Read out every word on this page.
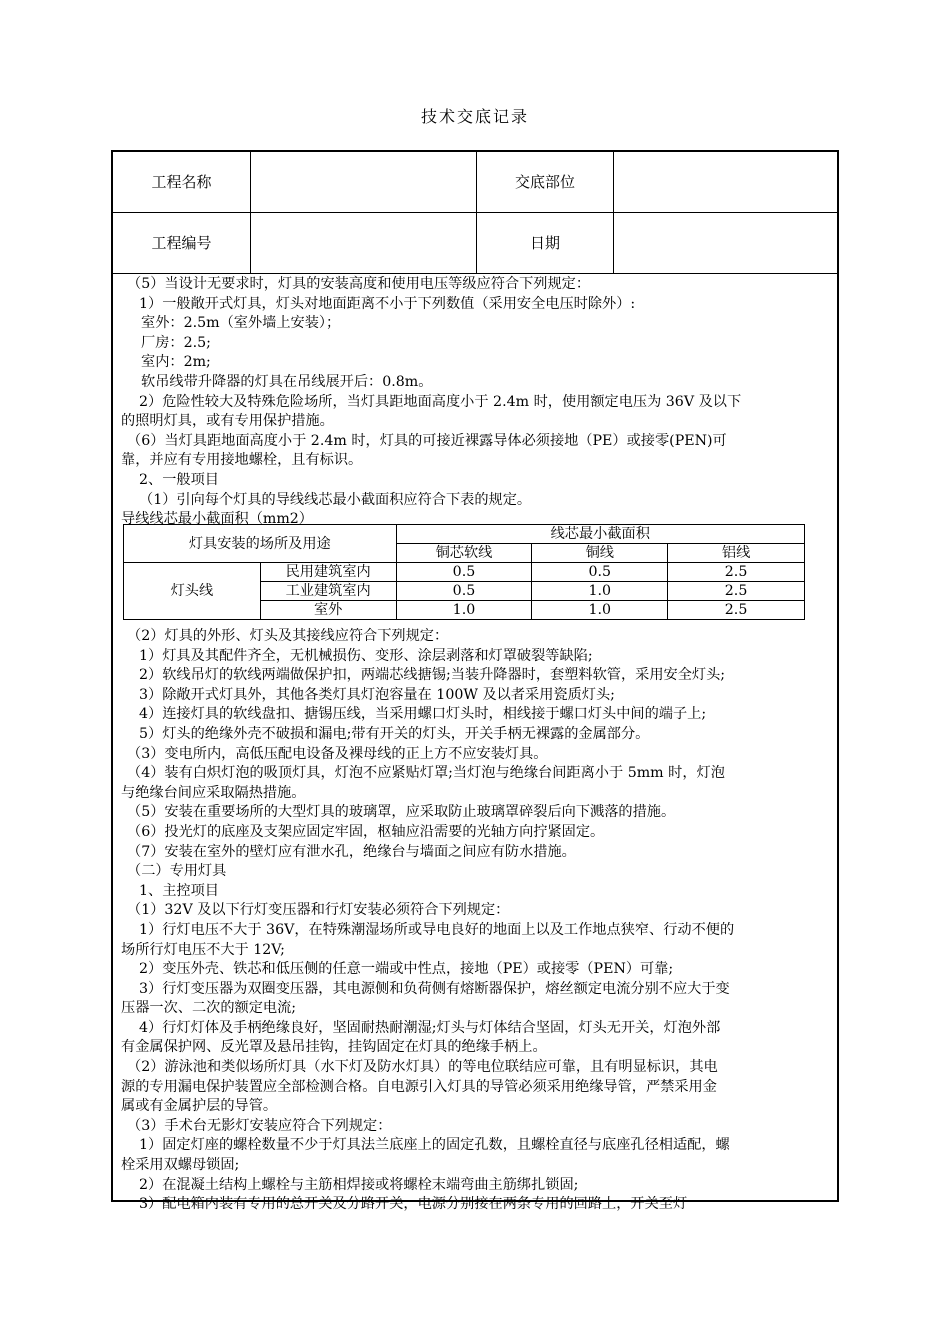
技术交底记录
工程名称	交底部位
工程编号	日期
（5）当设计无要求时，灯具的安装高度和使用电压等级应符合下列规定：
1）一般敞开式灯具，灯头对地面距离不小于下列数值（采用安全电压时除外）:
室外：2.5m（室外墙上安装）；
厂房：2.5;
室内：2m;
软吊线带升降器的灯具在吊线展开后：0.8m。
2）危险性较大及特殊危险场所，当灯具距地面高度小于 2.4m 时，使用额定电压为 36V 及以下
的照明灯具，或有专用保护措施。
（6）当灯具距地面高度小于 2.4m 时，灯具的可接近裸露导体必须接地（PE）或接零(PEN)可
靠，并应有专用接地螺栓，且有标识。
2、一般项目
（1）引向每个灯具的导线线芯最小截面积应符合下表的规定。
导线线芯最小截面积（mm2）
灯具安装的场所及用途		线芯最小截面积		
		铜芯软线	铜线	铝线
灯头线	民用建筑室内	0.5	0.5	2.5
	工业建筑室内	0.5	1.0	2.5
	室外	1.0	1.0	2.5
（2）灯具的外形、灯头及其接线应符合下列规定：
1）灯具及其配件齐全，无机械损伤、变形、涂层剥落和灯罩破裂等缺陷;
2）软线吊灯的软线两端做保护扣，两端芯线搪锡;当装升降器时，套塑料软管，采用安全灯头;
3）除敞开式灯具外，其他各类灯具灯泡容量在 100W 及以者采用瓷质灯头;
4）连接灯具的软线盘扣、搪锡压线，当采用螺口灯头时，相线接于螺口灯头中间的端子上;
5）灯头的绝缘外壳不破损和漏电;带有开关的灯头，开关手柄无裸露的金属部分。
（3）变电所内，高低压配电设备及裸母线的正上方不应安装灯具。
（4）装有白炽灯泡的吸顶灯具，灯泡不应紧贴灯罩;当灯泡与绝缘台间距离小于 5mm 时，灯泡
与绝缘台间应采取隔热措施。
（5）安装在重要场所的大型灯具的玻璃罩，应采取防止玻璃罩碎裂后向下溅落的措施。
（6）投光灯的底座及支架应固定牢固，枢轴应沿需要的光轴方向拧紧固定。
（7）安装在室外的壁灯应有泄水孔，绝缘台与墙面之间应有防水措施。
（二）专用灯具
1、主控项目
（1）32V 及以下行灯变压器和行灯安装必须符合下列规定：
1）行灯电压不大于 36V，在特殊潮湿场所或导电良好的地面上以及工作地点狭窄、行动不便的
场所行灯电压不大于 12V;
2）变压外壳、铁芯和低压侧的任意一端或中性点，接地（PE）或接零（PEN）可靠;
3）行灯变压器为双圈变压器，其电源侧和负荷侧有熔断器保护，熔丝额定电流分别不应大于变
压器一次、二次的额定电流;
4）行灯灯体及手柄绝缘良好，坚固耐热耐潮湿;灯头与灯体结合坚固，灯头无开关，灯泡外部
有金属保护网、反光罩及悬吊挂钩，挂钩固定在灯具的绝缘手柄上。
（2）游泳池和类似场所灯具（水下灯及防水灯具）的等电位联结应可靠，且有明显标识，其电
源的专用漏电保护装置应全部检测合格。自电源引入灯具的导管必须采用绝缘导管，严禁采用金
属或有金属护层的导管。
（3）手术台无影灯安装应符合下列规定：
1）固定灯座的螺栓数量不少于灯具法兰底座上的固定孔数，且螺栓直径与底座孔径相适配，螺
栓采用双螺母锁固;
2）在混凝土结构上螺栓与主筋相焊接或将螺栓末端弯曲主筋绑扎锁固;
3）配电箱内装有专用的总开关及分路开关，电源分别接在两条专用的回路上，开关至灯
